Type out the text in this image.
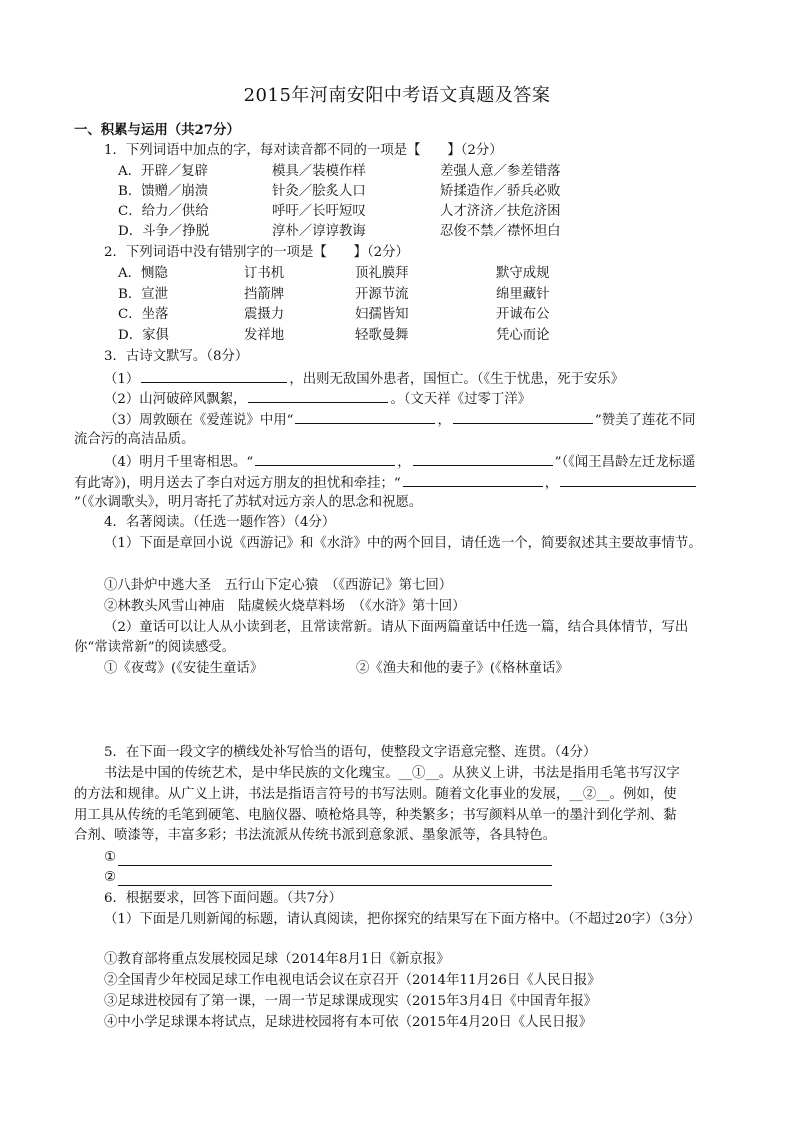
2015年河南安阳中考语文真题及答案
一、积累与运用（共27分）
1．下列词语中加点的字，每对读音都不同的一项是【　　】（2分）
A．开辟／复辟	模具／装模作样	差强人意／参差错落
B．馈赠／崩溃	针灸／脍炙人口	矫揉造作／骄兵必败
C．给力／供给	呼吁／长吁短叹	人才济济／扶危济困
D．斗争／挣脱	淳朴／谆谆教诲	忍俊不禁／襟怀坦白
2．下列词语中没有错别字的一项是【　　】（2分）
A．恻隐	订书机	顶礼膜拜	默守成规
B．宣泄	挡箭牌	开源节流	绵里藏针
C．坐落	震摄力	妇孺皆知	开诚布公
D．家俱	发祥地	轻歌曼舞	凭心而论
3．古诗文默写。（8分）
（1）	，出则无敌国外患者，国恒亡。（《生于忧患，死于安乐》
（2）山河破碎风飘絮，	。（文天祥《过零丁洋》
（3）周敦颐在《爱莲说》中用“	，	”赞美了莲花不同
流合污的高洁品质。
（4）明月千里寄相思。“	，	”（《闻王昌龄左迁龙标遥
有此寄》)，明月送去了李白对远方朋友的担忧和牵挂；“	，
”（《水调歌头》，明月寄托了苏轼对远方亲人的思念和祝愿。
4．名著阅读。（任选一题作答）（4分）
（1）下面是章回小说《西游记》和《水浒》中的两个回目，请任选一个，简要叙述其主要故事情节。
①八卦炉中逃大圣　五行山下定心猿　（《西游记》第七回）
②林教头风雪山神庙　陆虞候火烧草料场　（《水浒》第十回）
（2）童话可以让人从小读到老，且常读常新。请从下面两篇童话中任选一篇，结合具体情节，写出
你“常读常新”的阅读感受。
①《夜莺》(《安徒生童话》	②《渔夫和他的妻子》(《格林童话》
5．在下面一段文字的横线处补写恰当的语句，使整段文字语意完整、连贯。（4分）
书法是中国的传统艺术，是中华民族的文化瑰宝。__①__。从狭义上讲，书法是指用毛笔书写汉字
的方法和规律。从广义上讲，书法是指语言符号的书写法则。随着文化事业的发展，__②__。例如，使
用工具从传统的毛笔到硬笔、电脑仪器、喷枪烙具等，种类繁多；书写颜料从单一的墨汁到化学剂、黏
合剂、喷漆等，丰富多彩；书法流派从传统书派到意象派、墨象派等，各具特色。
①
②
6．根据要求，回答下面问题。（共7分）
（1）下面是几则新闻的标题，请认真阅读，把你探究的结果写在下面方格中。（不超过20字）（3分）
①教育部将重点发展校园足球（2014年8月1日《新京报》
②全国青少年校园足球工作电视电话会议在京召开（2014年11月26日《人民日报》
③足球进校园有了第一课，一周一节足球课成现实（2015年3月4日《中国青年报》
④中小学足球课本将试点，足球进校园将有本可依（2015年4月20日《人民日报》
